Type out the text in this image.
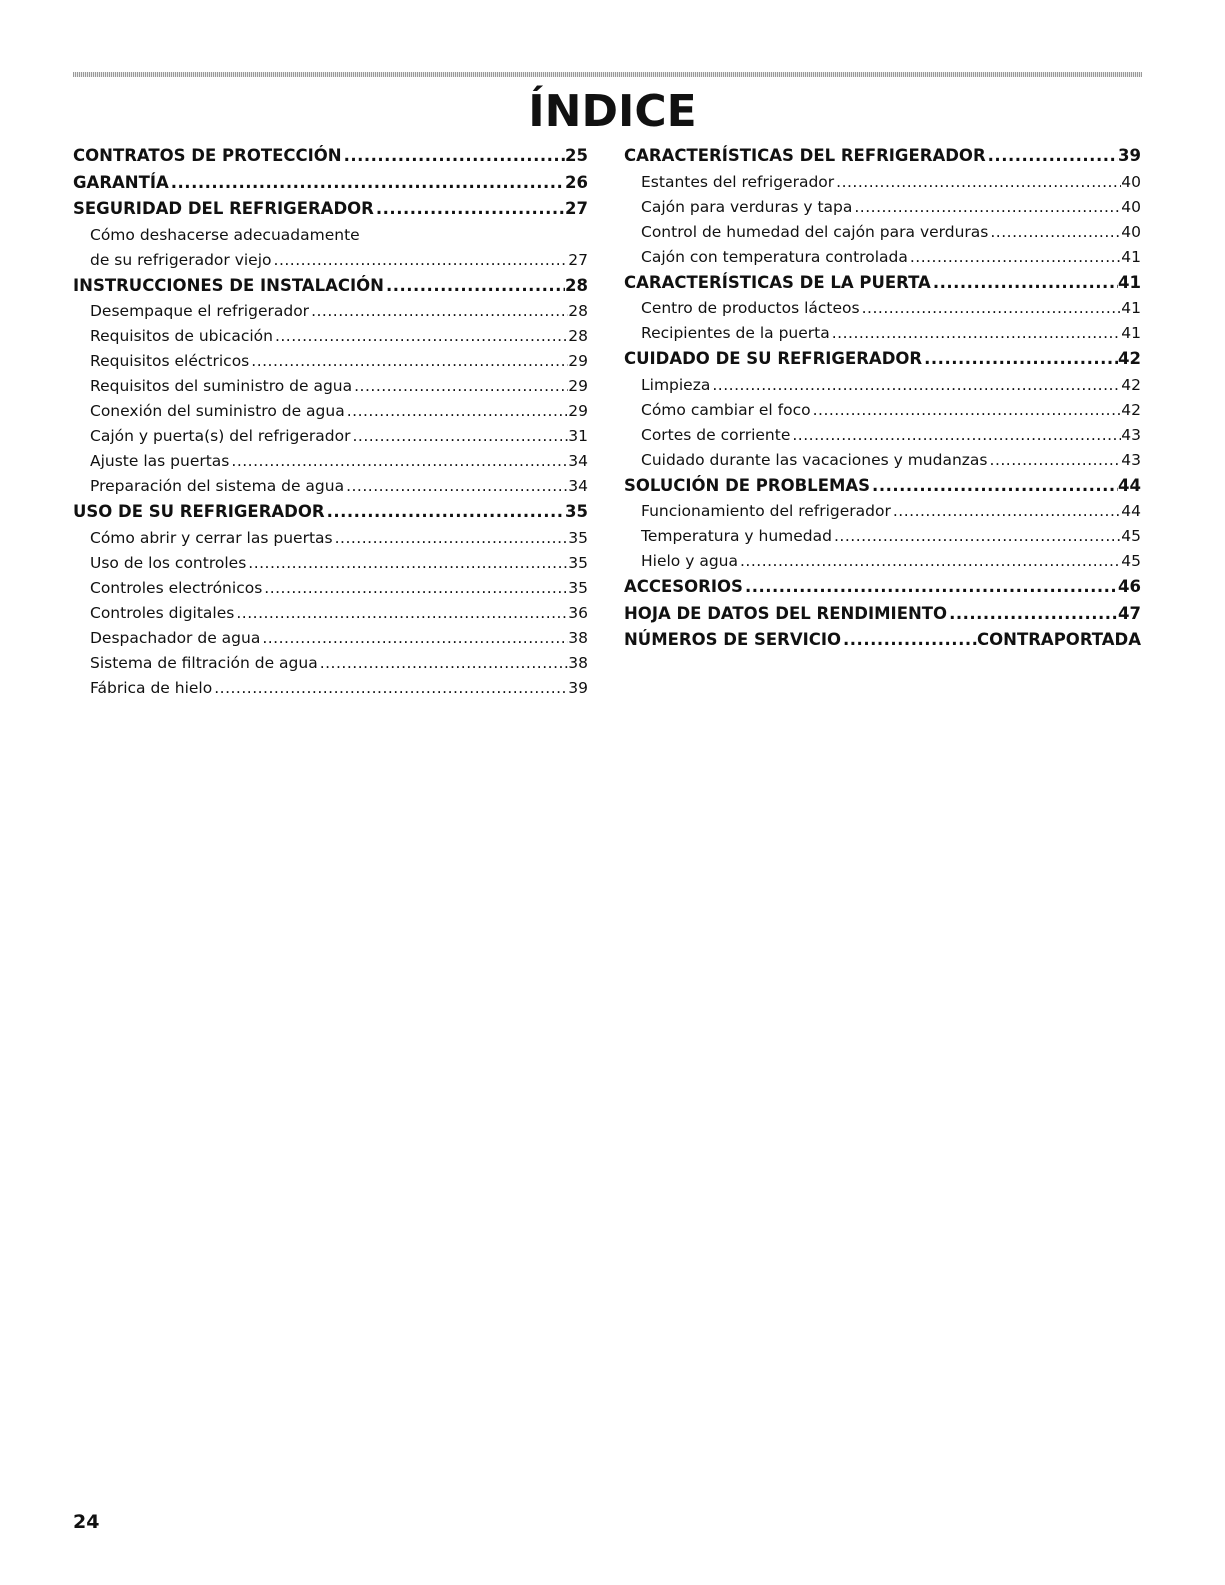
ÍNDICE
CONTRATOS DE PROTECCIÓN .....	25
GARANTÍA .....	26
SEGURIDAD DEL REFRIGERADOR .....	27
Cómo deshacerse adecuadamente
de su refrigerador viejo .....	27
INSTRUCCIONES DE INSTALACIÓN .....	28
Desempaque el refrigerador .....	28
Requisitos de ubicación .....	28
Requisitos eléctricos .....	29
Requisitos del suministro de agua .....	29
Conexión del suministro de agua .....	29
Cajón y puerta(s) del refrigerador .....	31
Ajuste las puertas .....	34
Preparación del sistema de agua .....	34
USO DE SU REFRIGERADOR .....	35
Cómo abrir y cerrar las puertas .....	35
Uso de los controles .....	35
Controles electrónicos .....	35
Controles digitales .....	36
Despachador de agua .....	38
Sistema de filtración de agua .....	38
Fábrica de hielo .....	39
CARACTERÍSTICAS DEL REFRIGERADOR .....	39
Estantes del refrigerador .....	40
Cajón para verduras y tapa .....	40
Control de humedad del cajón para verduras .....	40
Cajón con temperatura controlada .....	41
CARACTERÍSTICAS DE LA PUERTA .....	41
Centro de productos lácteos .....	41
Recipientes de la puerta .....	41
CUIDADO DE SU REFRIGERADOR .....	42
Limpieza .....	42
Cómo cambiar el foco .....	42
Cortes de corriente .....	43
Cuidado durante las vacaciones y mudanzas .....	43
SOLUCIÓN DE PROBLEMAS .....	44
Funcionamiento del refrigerador .....	44
Temperatura y humedad .....	45
Hielo y agua .....	45
ACCESORIOS .....	46
HOJA DE DATOS DEL RENDIMIENTO .....	47
NÚMEROS DE SERVICIO .....	CONTRAPORTADA
24
